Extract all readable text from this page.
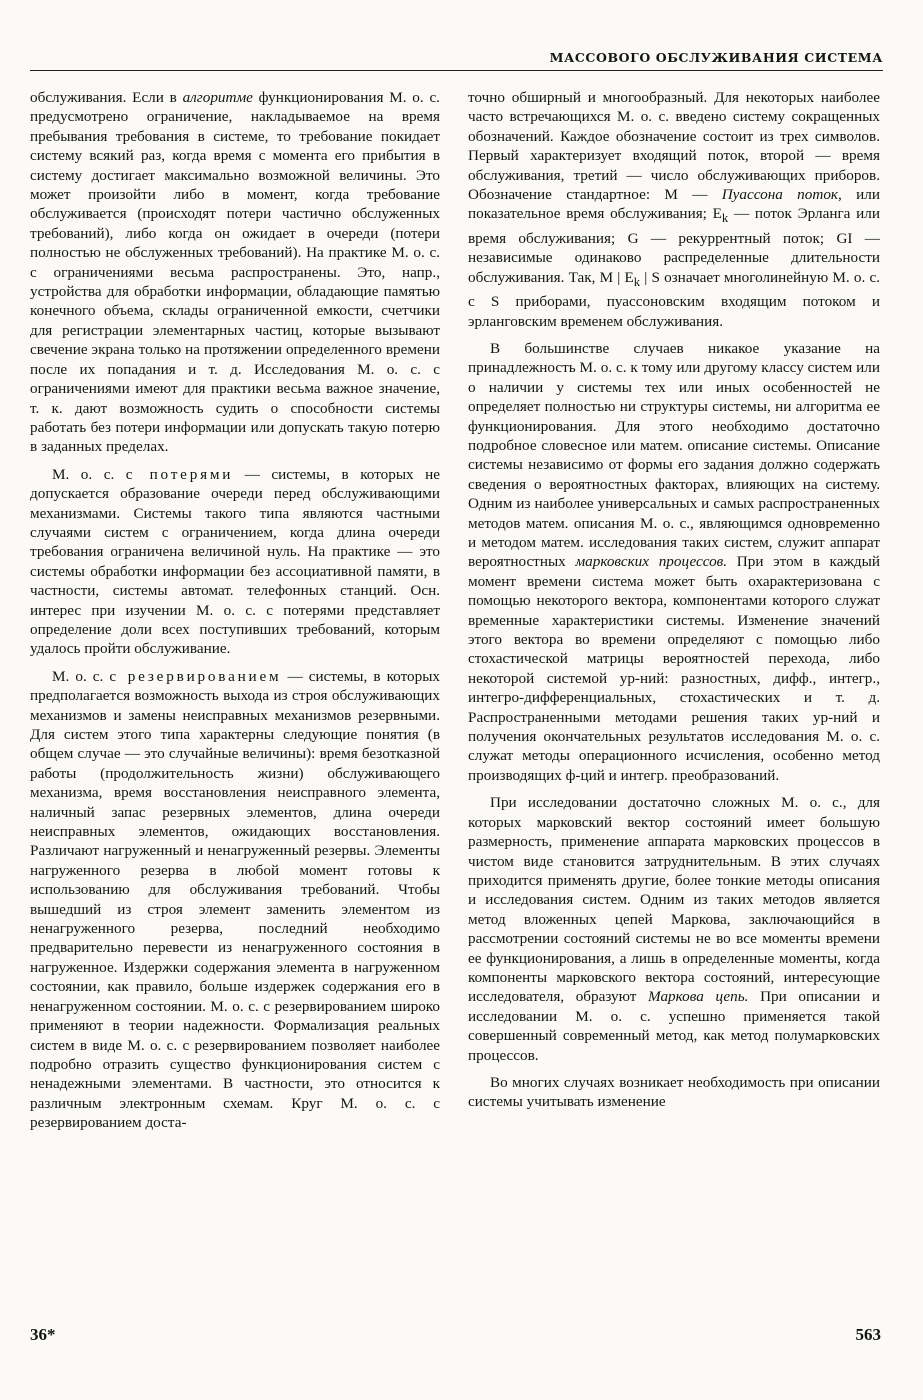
МАССОВОГО ОБСЛУЖИВАНИЯ СИСТЕМА

обслуживания. Если в алгоритме функционирования М. о. с. предусмотрено ограничение, накладываемое на время пребывания требования в системе, то требование покидает систему всякий раз, когда время с момента его прибытия в систему достигает максимально возможной величины. Это может произойти либо в момент, когда требование обслуживается (происходят потери частично обслуженных требований), либо когда он ожидает в очереди (потери полностью не обслуженных требований). На практике М. о. с. с ограничениями весьма распространены. Это, напр., устройства для обработки информации, обладающие памятью конечного объема, склады ограниченной емкости, счетчики для регистрации элементарных частиц, которые вызывают свечение экрана только на протяжении определенного времени после их попадания и т. д. Исследования М. о. с. с ограничениями имеют для практики весьма важное значение, т. к. дают возможность судить о способности системы работать без потери информации или допускать такую потерю в заданных пределах.

М. о. с. с потерями — системы, в которых не допускается образование очереди перед обслуживающими механизмами. Системы такого типа являются частными случаями систем с ограничением, когда длина очереди требования ограничена величиной нуль. На практике — это системы обработки информации без ассоциативной памяти, в частности, системы автомат. телефонных станций. Осн. интерес при изучении М. о. с. с потерями представляет определение доли всех поступивших требований, которым удалось пройти обслуживание.

М. о. с. с резервированием — системы, в которых предполагается возможность выхода из строя обслуживающих механизмов и замены неисправных механизмов резервными. Для систем этого типа характерны следующие понятия (в общем случае — это случайные величины): время безотказной работы (продолжительность жизни) обслуживающего механизма, время восстановления неисправного элемента, наличный запас резервных элементов, длина очереди неисправных элементов, ожидающих восстановления. Различают нагруженный и ненагруженный резервы. Элементы нагруженного резерва в любой момент готовы к использованию для обслуживания требований. Чтобы вышедший из строя элемент заменить элементом из ненагруженного резерва, последний необходимо предварительно перевести из ненагруженного состояния в нагруженное. Издержки содержания элемента в нагруженном состоянии, как правило, больше издержек содержания его в ненагруженном состоянии. М. о. с. с резервированием широко применяют в теории надежности. Формализация реальных систем в виде М. о. с. с резервированием позволяет наиболее подробно отразить существо функционирования систем с ненадежными элементами. В частности, это относится к различным электронным схемам. Круг М. о. с. с резервированием доста-

точно обширный и многообразный. Для некоторых наиболее часто встречающихся М. о. с. введено систему сокращенных обозначений. Каждое обозначение состоит из трех символов. Первый характеризует входящий поток, второй — время обслуживания, третий — число обслуживающих приборов. Обозначение стандартное: M — Пуассона поток, или показательное время обслуживания; $E_k$ — поток Эрланга или время обслуживания; G — рекуррентный поток; GI — независимые одинаково распределенные длительности обслуживания. Так, M | $E_k$ | S означает многолинейную М. о. с. с S приборами, пуассоновским входящим потоком и эрланговским временем обслуживания.

В большинстве случаев никакое указание на принадлежность М. о. с. к тому или другому классу систем или о наличии у системы тех или иных особенностей не определяет полностью ни структуры системы, ни алгоритма ее функционирования. Для этого необходимо достаточно подробное словесное или матем. описание системы. Описание системы независимо от формы его задания должно содержать сведения о вероятностных факторах, влияющих на систему. Одним из наиболее универсальных и самых распространенных методов матем. описания М. о. с., являющимся одновременно и методом матем. исследования таких систем, служит аппарат вероятностных марковских процессов. При этом в каждый момент времени система может быть охарактеризована с помощью некоторого вектора, компонентами которого служат временные характеристики системы. Изменение значений этого вектора во времени определяют с помощью либо стохастической матрицы вероятностей перехода, либо некоторой системой ур-ний: разностных, дифф., интегр., интегро-дифференциальных, стохастических и т. д. Распространенными методами решения таких ур-ний и получения окончательных результатов исследования М. о. с. служат методы операционного исчисления, особенно метод производящих ф-ций и интегр. преобразований.

При исследовании достаточно сложных М. о. с., для которых марковский вектор состояний имеет большую размерность, применение аппарата марковских процессов в чистом виде становится затруднительным. В этих случаях приходится применять другие, более тонкие методы описания и исследования систем. Одним из таких методов является метод вложенных цепей Маркова, заключающийся в рассмотрении состояний системы не во все моменты времени ее функционирования, а лишь в определенные моменты, когда компоненты марковского вектора состояний, интересующие исследователя, образуют Маркова цепь. При описании и исследовании М. о. с. успешно применяется такой совершенный современный метод, как метод полумарковских процессов.

Во многих случаях возникает необходимость при описании системы учитывать изменение

36*	563
